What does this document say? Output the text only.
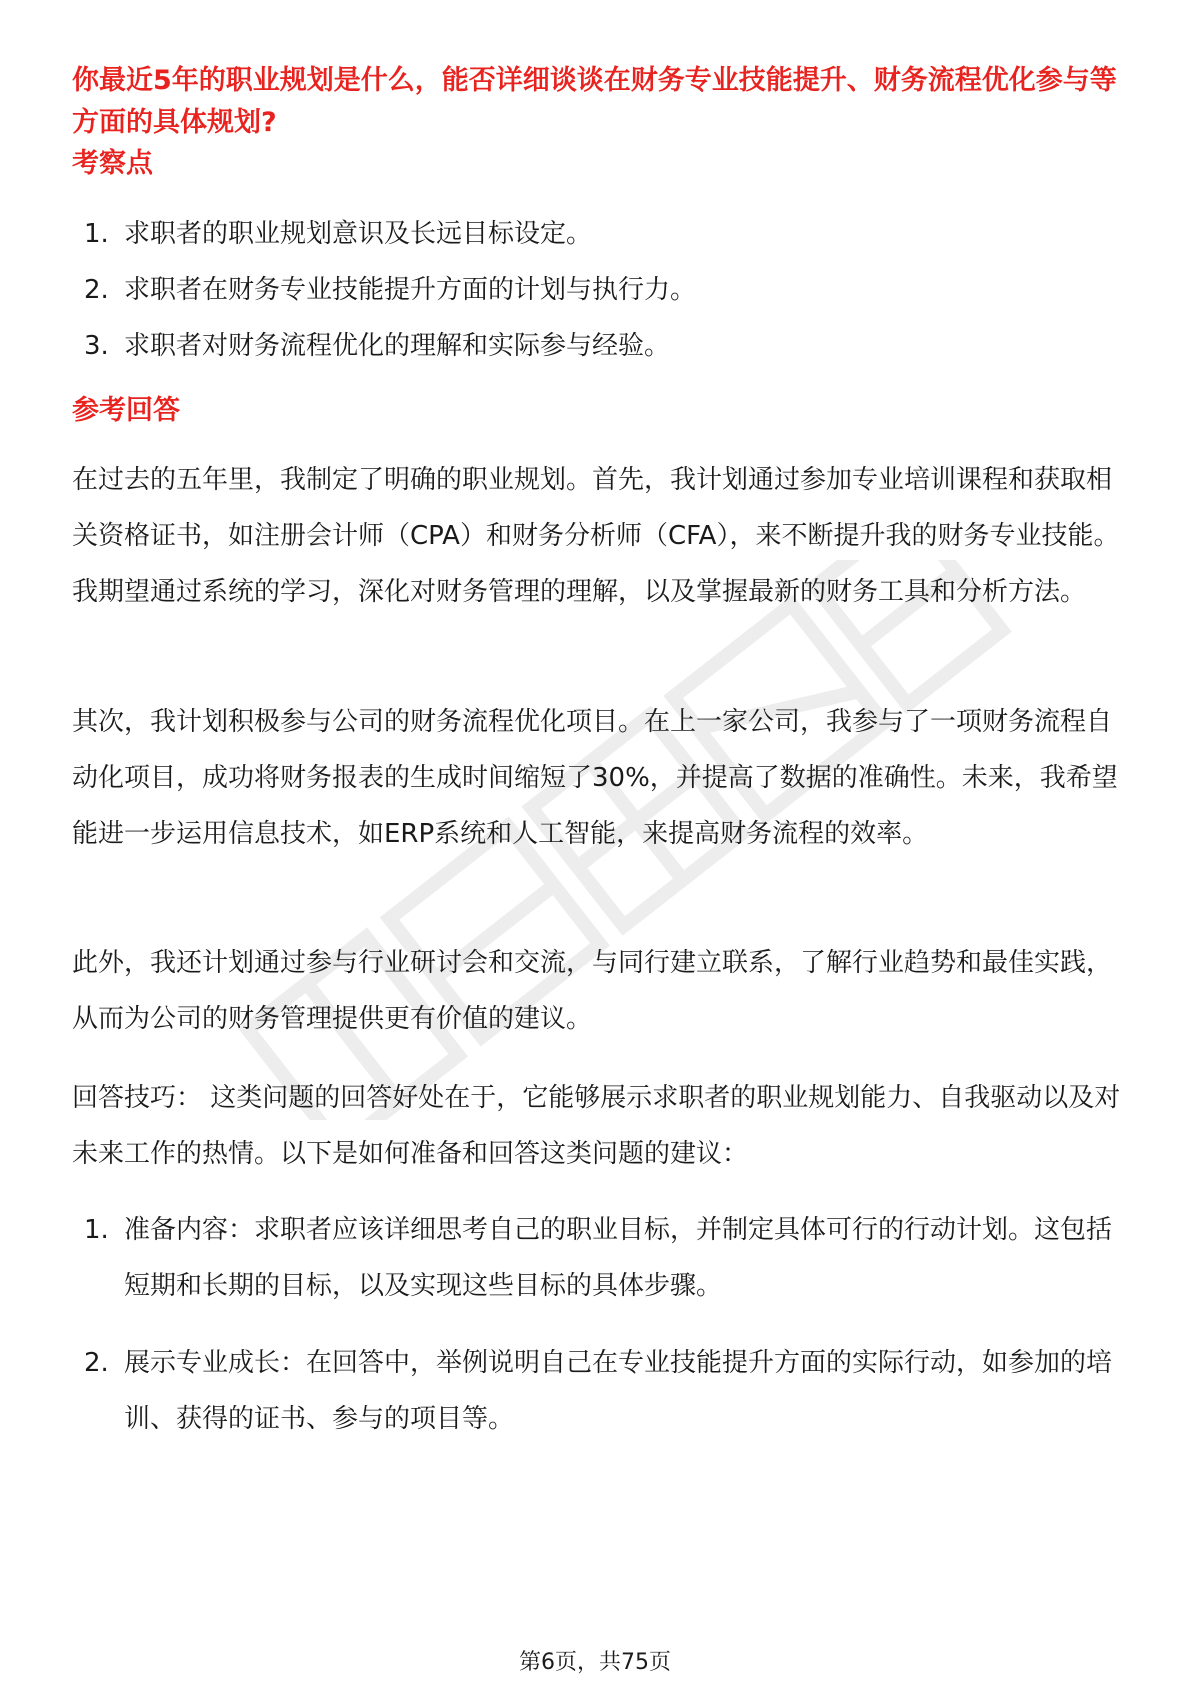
你最近5年的职业规划是什么，能否详细谈谈在财务专业技能提升、财务流程优化参与等方面的具体规划?
考察点
1. 求职者的职业规划意识及长远目标设定。
2. 求职者在财务专业技能提升方面的计划与执行力。
3. 求职者对财务流程优化的理解和实际参与经验。
参考回答

在过去的五年里，我制定了明确的职业规划。首先，我计划通过参加专业培训课程和获取相关资格证书，如注册会计师（CPA）和财务分析师（CFA），来不断提升我的财务专业技能。我期望通过系统的学习，深化对财务管理的理解，以及掌握最新的财务工具和分析方法。

其次，我计划积极参与公司的财务流程优化项目。在上一家公司，我参与了一项财务流程自动化项目，成功将财务报表的生成时间缩短了30%，并提高了数据的准确性。未来，我希望能进一步运用信息技术，如ERP系统和人工智能，来提高财务流程的效率。

此外，我还计划通过参与行业研讨会和交流，与同行建立联系，了解行业趋势和最佳实践，从而为公司的财务管理提供更有价值的建议。

回答技巧： 这类问题的回答好处在于，它能够展示求职者的职业规划能力、自我驱动以及对未来工作的热情。以下是如何准备和回答这类问题的建议：

1. 准备内容：求职者应该详细思考自己的职业目标，并制定具体可行的行动计划。这包括短期和长期的目标，以及实现这些目标的具体步骤。
2. 展示专业成长：在回答中，举例说明自己在专业技能提升方面的实际行动，如参加的培训、获得的证书、参与的项目等。
第6页，共75页
